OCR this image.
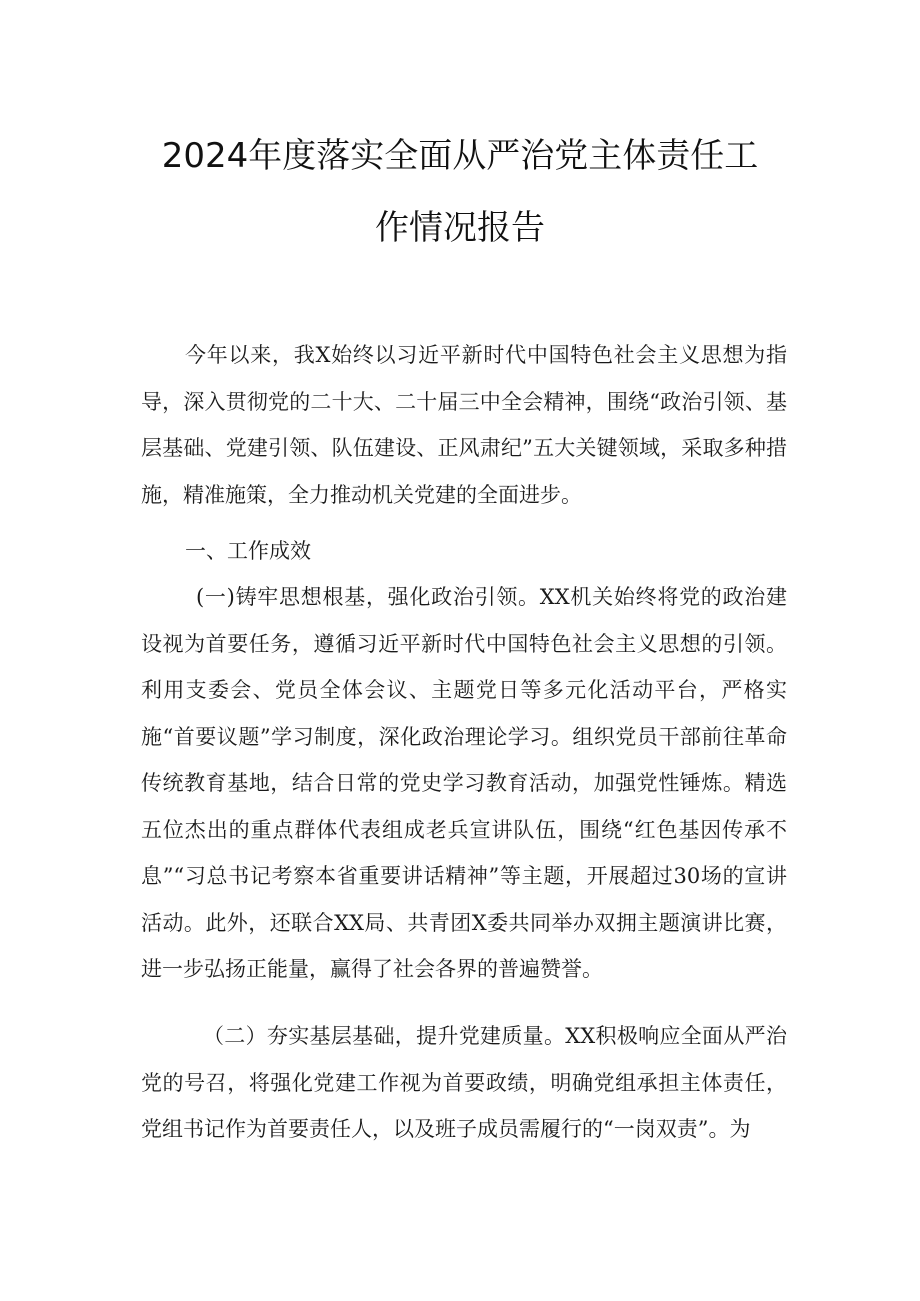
2024年度落实全面从严治党主体责任工
作情况报告

今年以来，我X始终以习近平新时代中国特色社会主义思想为指导，深入贯彻党的二十大、二十届三中全会精神，围绕“政治引领、基层基础、党建引领、队伍建设、正风肃纪”五大关键领域，采取多种措施，精准施策，全力推动机关党建的全面进步。

一、工作成效

(一)铸牢思想根基，强化政治引领。XX机关始终将党的政治建设视为首要任务，遵循习近平新时代中国特色社会主义思想的引领。利用支委会、党员全体会议、主题党日等多元化活动平台，严格实施“首要议题”学习制度，深化政治理论学习。组织党员干部前往革命传统教育基地，结合日常的党史学习教育活动，加强党性锤炼。精选五位杰出的重点群体代表组成老兵宣讲队伍，围绕“红色基因传承不息”“习总书记考察本省重要讲话精神”等主题，开展超过30场的宣讲活动。此外，还联合XX局、共青团X委共同举办双拥主题演讲比赛，进一步弘扬正能量，赢得了社会各界的普遍赞誉。

（二）夯实基层基础，提升党建质量。XX积极响应全面从严治党的号召，将强化党建工作视为首要政绩，明确党组承担主体责任，党组书记作为首要责任人，以及班子成员需履行的“一岗双责”。为
